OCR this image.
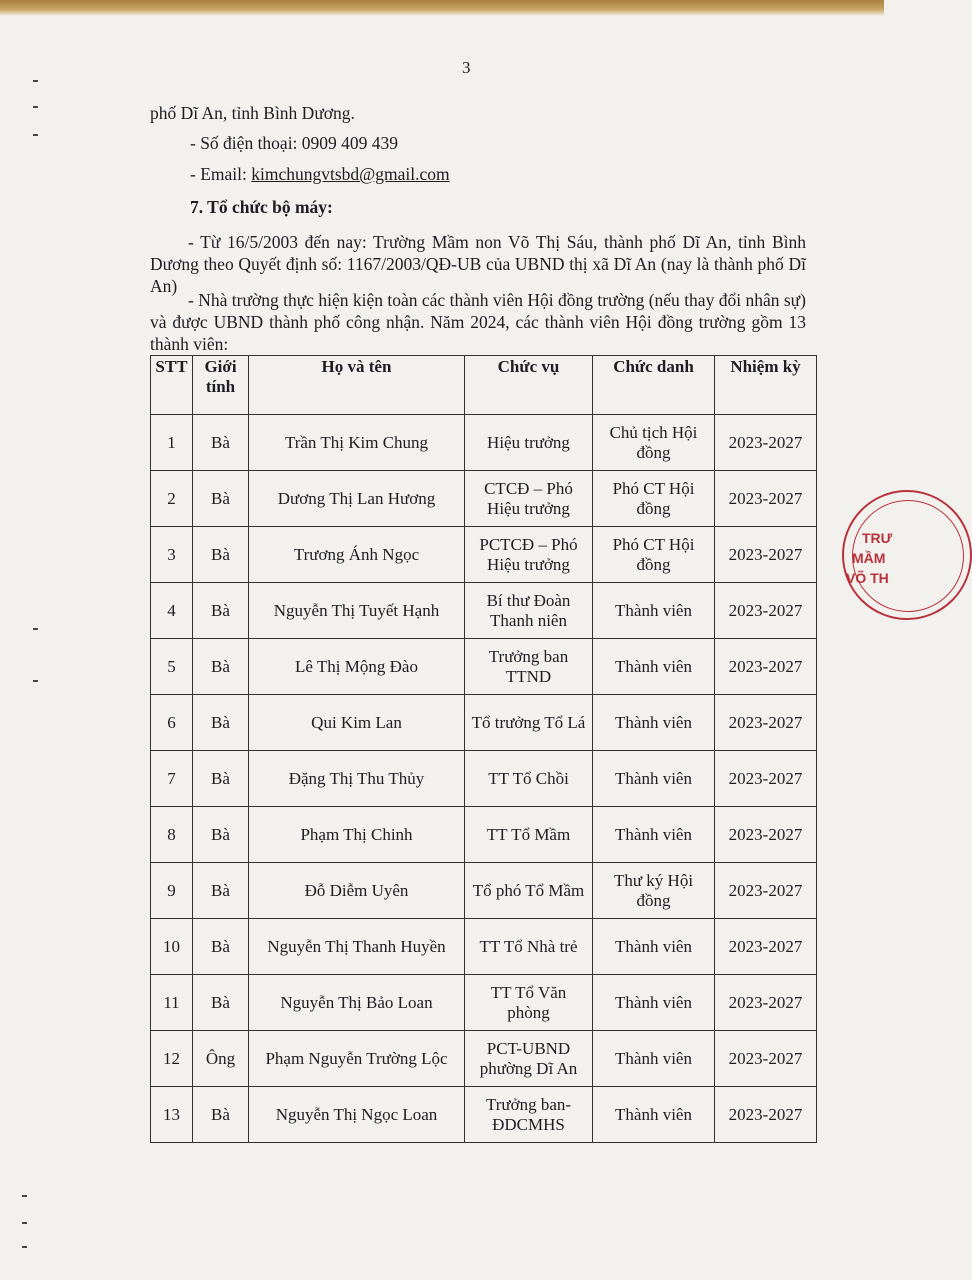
3
phố Dĩ An, tỉnh Bình Dương.
- Số điện thoại: 0909 409 439
- Email: kimchungvtsbd@gmail.com
7. Tổ chức bộ máy:
- Từ 16/5/2003 đến nay: Trường Mầm non Võ Thị Sáu, thành phố Dĩ An, tỉnh Bình Dương theo Quyết định số: 1167/2003/QĐ-UB của UBND thị xã Dĩ An (nay là thành phố Dĩ An)
- Nhà trường thực hiện kiện toàn các thành viên Hội đồng trường (nếu thay đổi nhân sự) và được UBND thành phố công nhận. Năm 2024, các thành viên Hội đồng trường gồm 13 thành viên:
STT	Giới tính	Họ và tên	Chức vụ	Chức danh	Nhiệm kỳ
1	Bà	Trần Thị Kim Chung	Hiệu trưởng	Chủ tịch Hội đồng	2023-2027
2	Bà	Dương Thị Lan Hương	CTCĐ – Phó Hiệu trưởng	Phó CT Hội đồng	2023-2027
3	Bà	Trương Ánh Ngọc	PCTCĐ – Phó Hiệu trưởng	Phó CT Hội đồng	2023-2027
4	Bà	Nguyễn Thị Tuyết Hạnh	Bí thư Đoàn Thanh niên	Thành viên	2023-2027
5	Bà	Lê Thị Mộng Đào	Trưởng ban TTND	Thành viên	2023-2027
6	Bà	Qui Kim Lan	Tổ trưởng Tổ Lá	Thành viên	2023-2027
7	Bà	Đặng Thị Thu Thủy	TT Tổ Chồi	Thành viên	2023-2027
8	Bà	Phạm Thị Chinh	TT Tổ Mầm	Thành viên	2023-2027
9	Bà	Đỗ Diễm Uyên	Tổ phó Tổ Mầm	Thư ký Hội đồng	2023-2027
10	Bà	Nguyễn Thị Thanh Huyền	TT Tổ Nhà trẻ	Thành viên	2023-2027
11	Bà	Nguyễn Thị Bảo Loan	TT Tổ Văn phòng	Thành viên	2023-2027
12	Ông	Phạm Nguyễn Trường Lộc	PCT-UBND phường Dĩ An	Thành viên	2023-2027
13	Bà	Nguyễn Thị Ngọc Loan	Trưởng ban-ĐDCMHS	Thành viên	2023-2027
TRƯ
MẦM
VÕ TH
